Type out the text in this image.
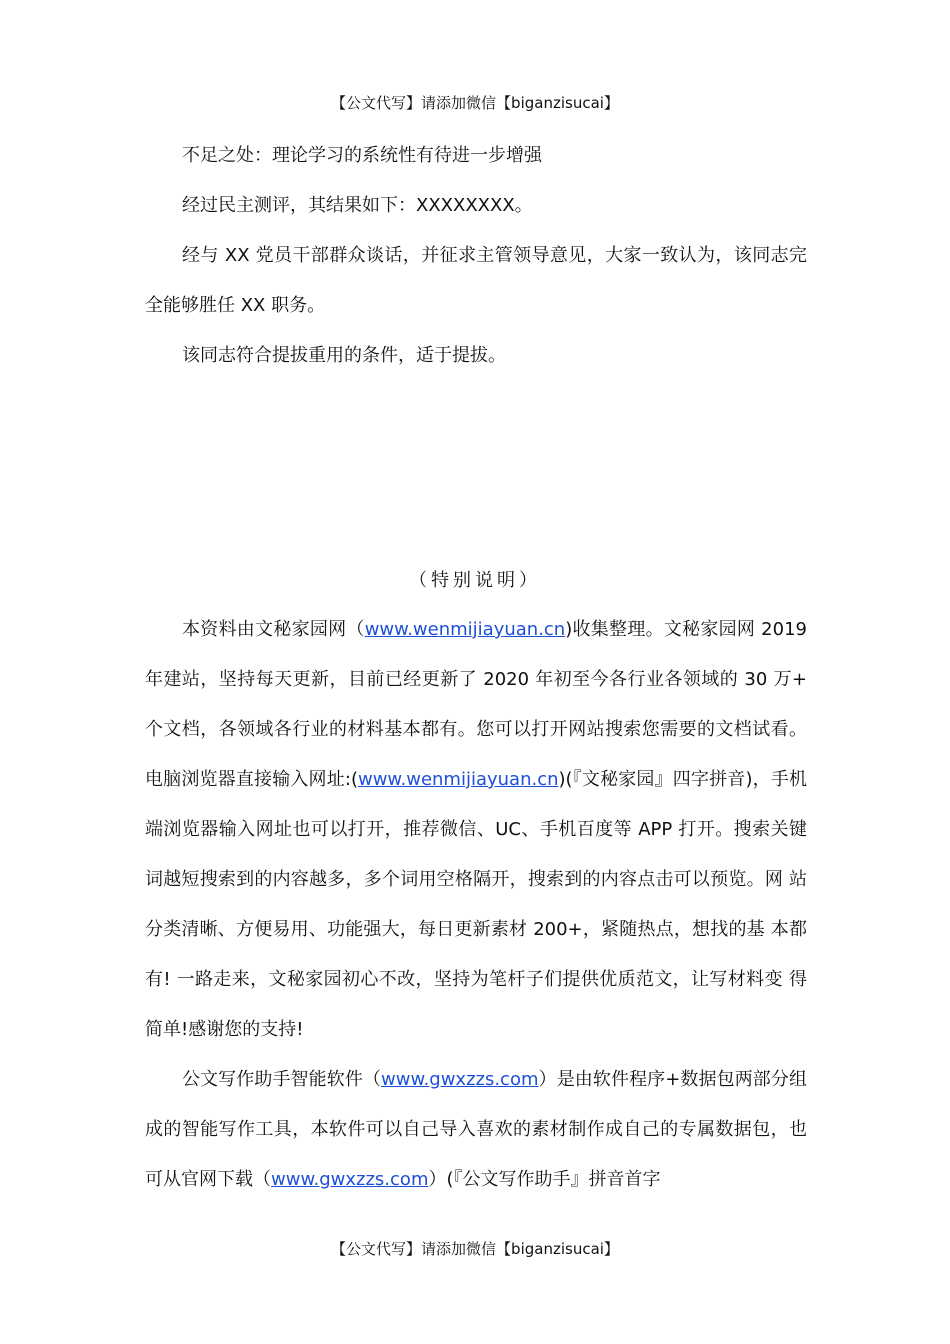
【公文代写】请添加微信【biganzisucai】

不足之处：理论学习的系统性有待进一步增强

经过民主测评，其结果如下：XXXXXXXX。

经与 XX 党员干部群众谈话，并征求主管领导意见，大家一致认为，该同志完全能够胜任 XX 职务。

该同志符合提拔重用的条件，适于提拔。

（特别说明）

本资料由文秘家园网（www.wenmijiayuan.cn)收集整理。文秘家园网 2019 年建站，坚持每天更新，目前已经更新了 2020 年初至今各行业各领域的 30 万+ 个文档，各领域各行业的材料基本都有。您可以打开网站搜索您需要的文档试看。 电脑浏览器直接输入网址:(www.wenmijiayuan.cn)(『文秘家园』四字拼音)，手机 端浏览器输入网址也可以打开，推荐微信、UC、手机百度等 APP 打开。搜索关键 词越短搜索到的内容越多，多个词用空格隔开，搜索到的内容点击可以预览。网 站分类清晰、方便易用、功能强大，每日更新素材 200+，紧随热点，想找的基 本都有! 一路走来，文秘家园初心不改，坚持为笔杆子们提供优质范文，让写材料变 得简单!感谢您的支持!

公文写作助手智能软件（www.gwxzzs.com）是由软件程序+数据包两部分组成的智能写作工具，本软件可以自己导入喜欢的素材制作成自己的专属数据包，也可从官网下载（www.gwxzzs.com）(『公文写作助手』拼音首字

【公文代写】请添加微信【biganzisucai】
